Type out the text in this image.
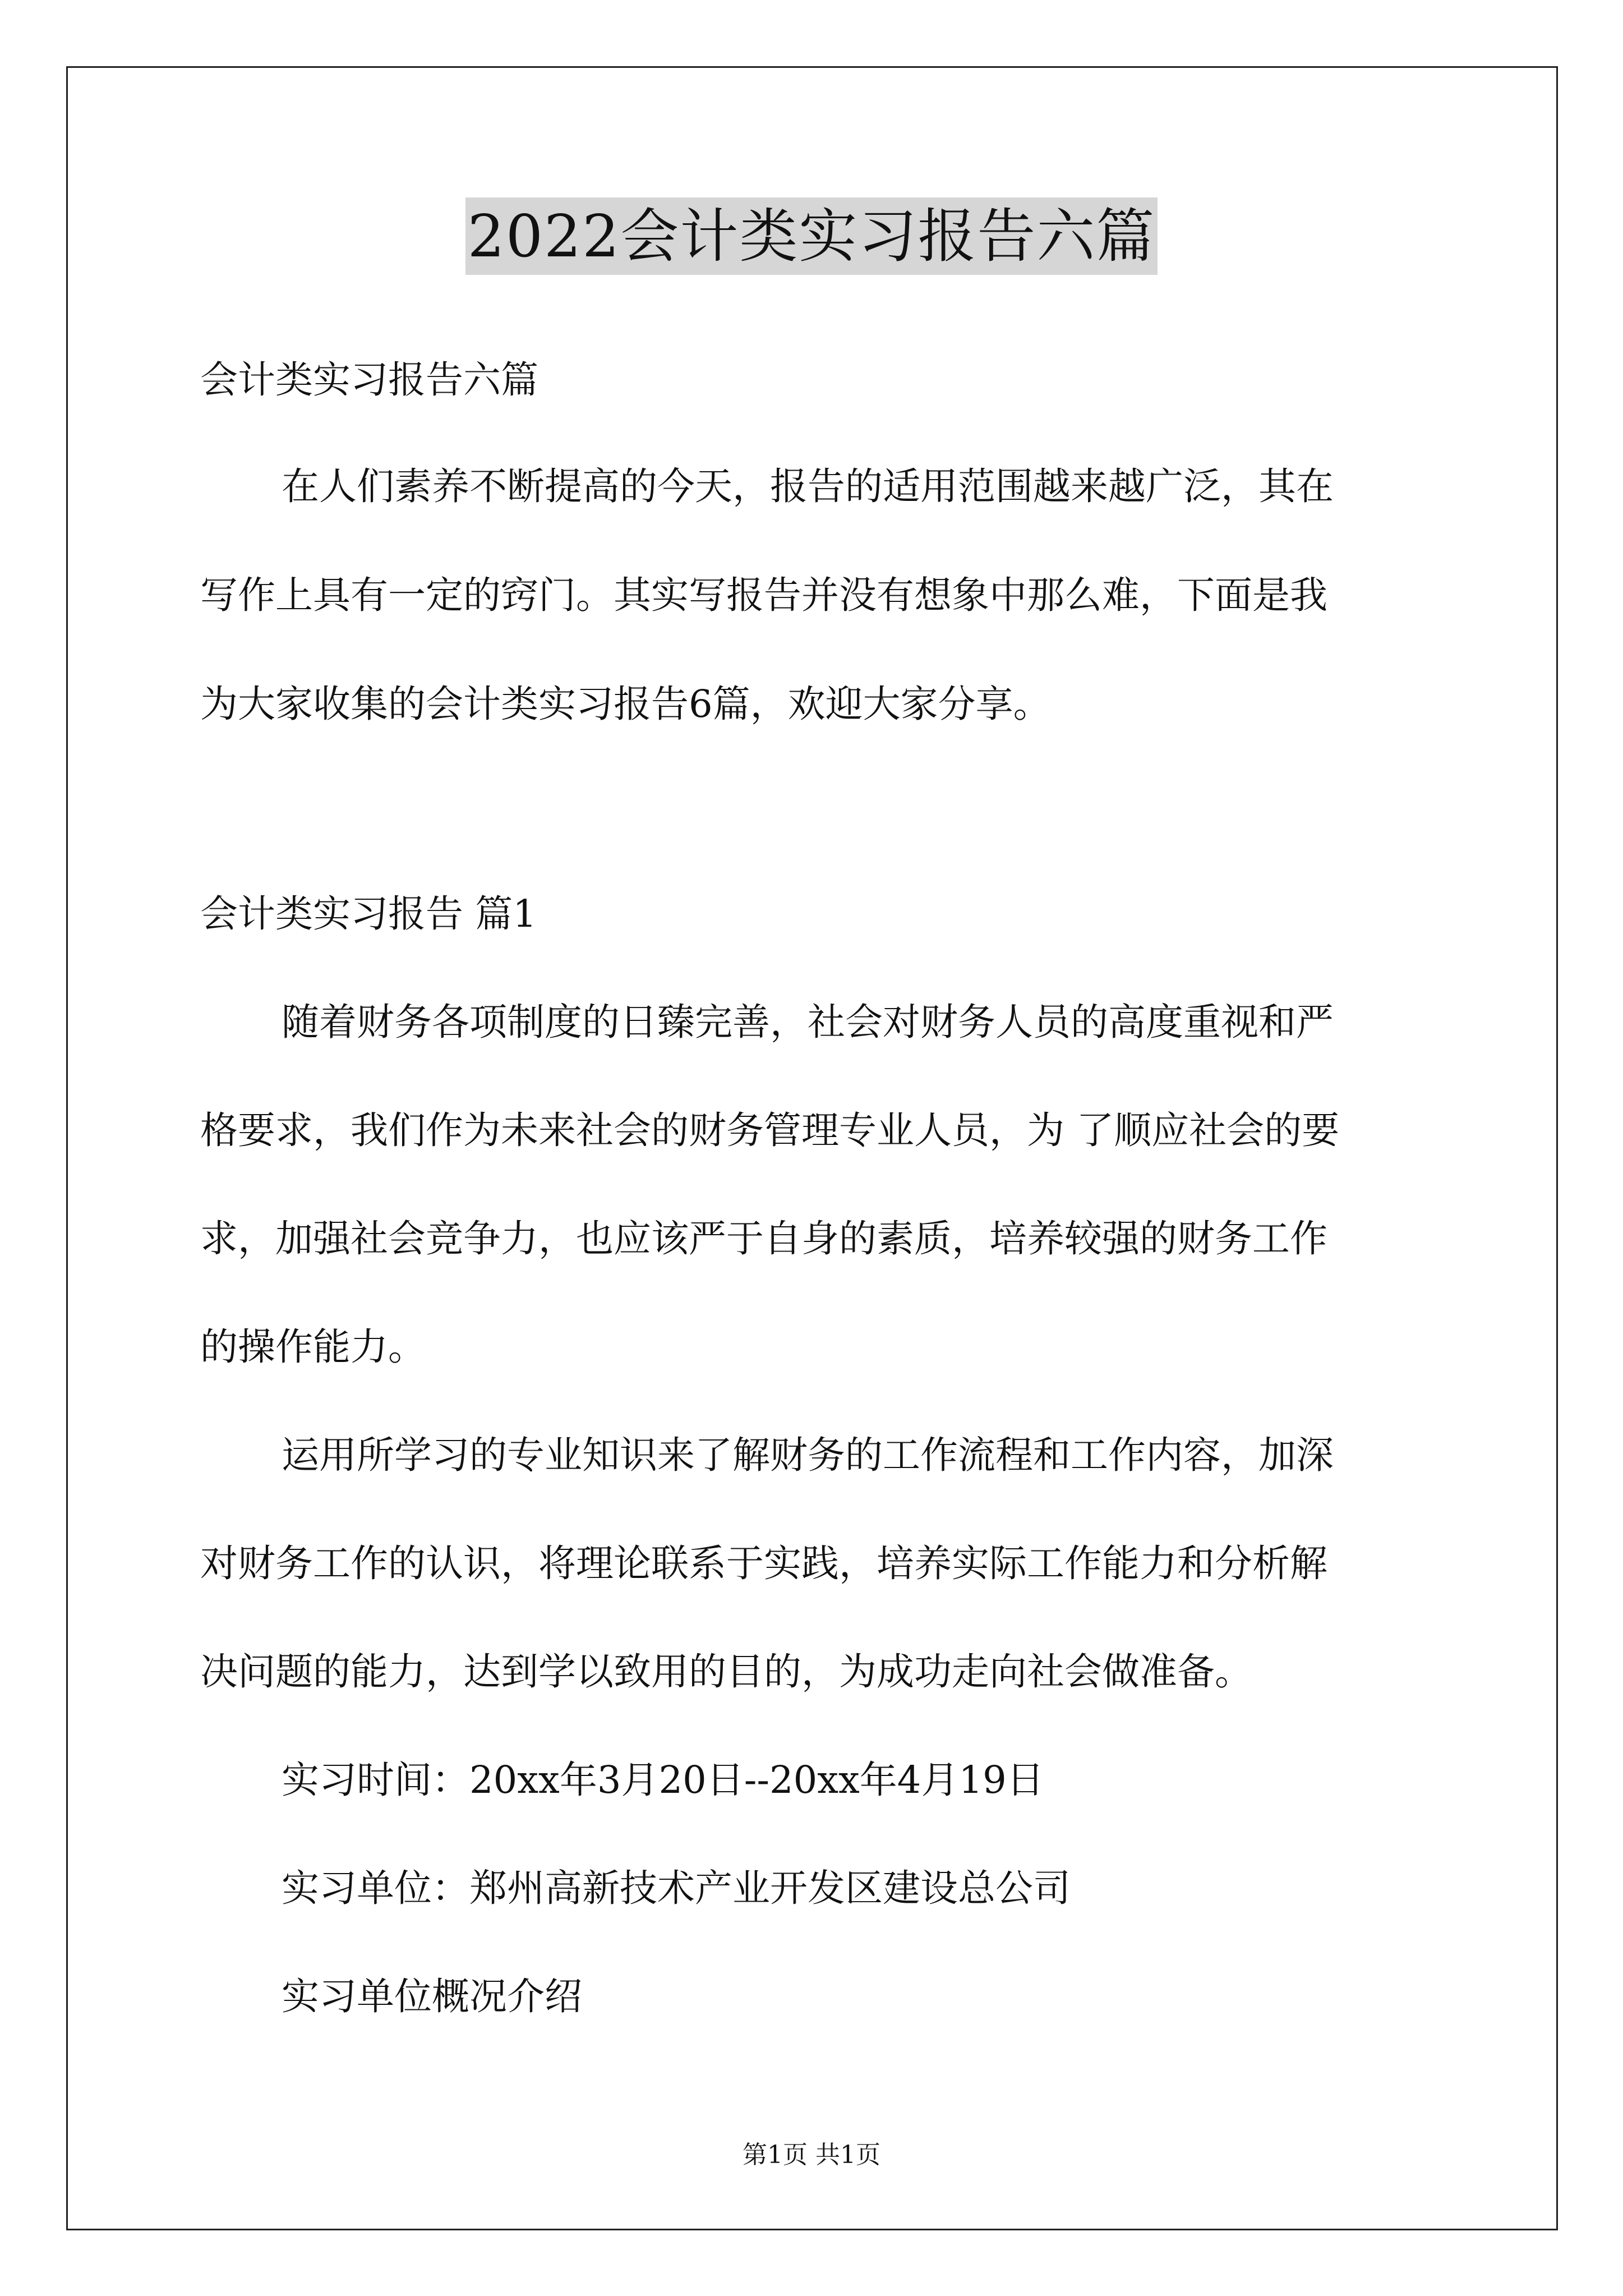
2022会计类实习报告六篇
会计类实习报告六篇
在人们素养不断提高的今天，报告的适用范围越来越广泛，其在
写作上具有一定的窍门。其实写报告并没有想象中那么难，下面是我
为大家收集的会计类实习报告6篇，欢迎大家分享。
会计类实习报告 篇1
随着财务各项制度的日臻完善，社会对财务人员的高度重视和严
格要求，我们作为未来社会的财务管理专业人员，为 了顺应社会的要
求，加强社会竞争力，也应该严于自身的素质，培养较强的财务工作
的操作能力。
运用所学习的专业知识来了解财务的工作流程和工作内容，加深
对财务工作的认识，将理论联系于实践，培养实际工作能力和分析解
决问题的能力，达到学以致用的目的，为成功走向社会做准备。
实习时间：20xx年3月20日--20xx年4月19日
实习单位：郑州高新技术产业开发区建设总公司
实习单位概况介绍
第1页 共1页
